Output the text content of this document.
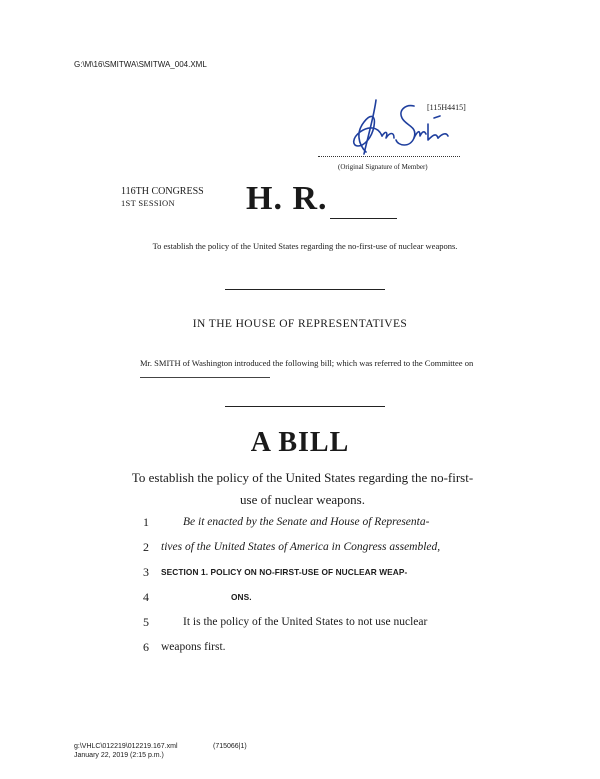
G:\M\16\SMITWA\SMITWA_004.XML
[115H4415]
(Original Signature of Member)
116TH CONGRESS
1ST SESSION H. R.
To establish the policy of the United States regarding the no-first-use of nuclear weapons.
IN THE HOUSE OF REPRESENTATIVES
Mr. SMITH of Washington introduced the following bill; which was referred to the Committee on
A BILL
To establish the policy of the United States regarding the no-first-use of nuclear weapons.
1	Be it enacted by the Senate and House of Representa-
2 tives of the United States of America in Congress assembled,
3 SECTION 1. POLICY ON NO-FIRST-USE OF NUCLEAR WEAP-
4	ONS.
5	It is the policy of the United States to not use nuclear
6 weapons first.
g:\VHLC\012219\012219.167.xml	(715066|1)
January 22, 2019 (2:15 p.m.)
